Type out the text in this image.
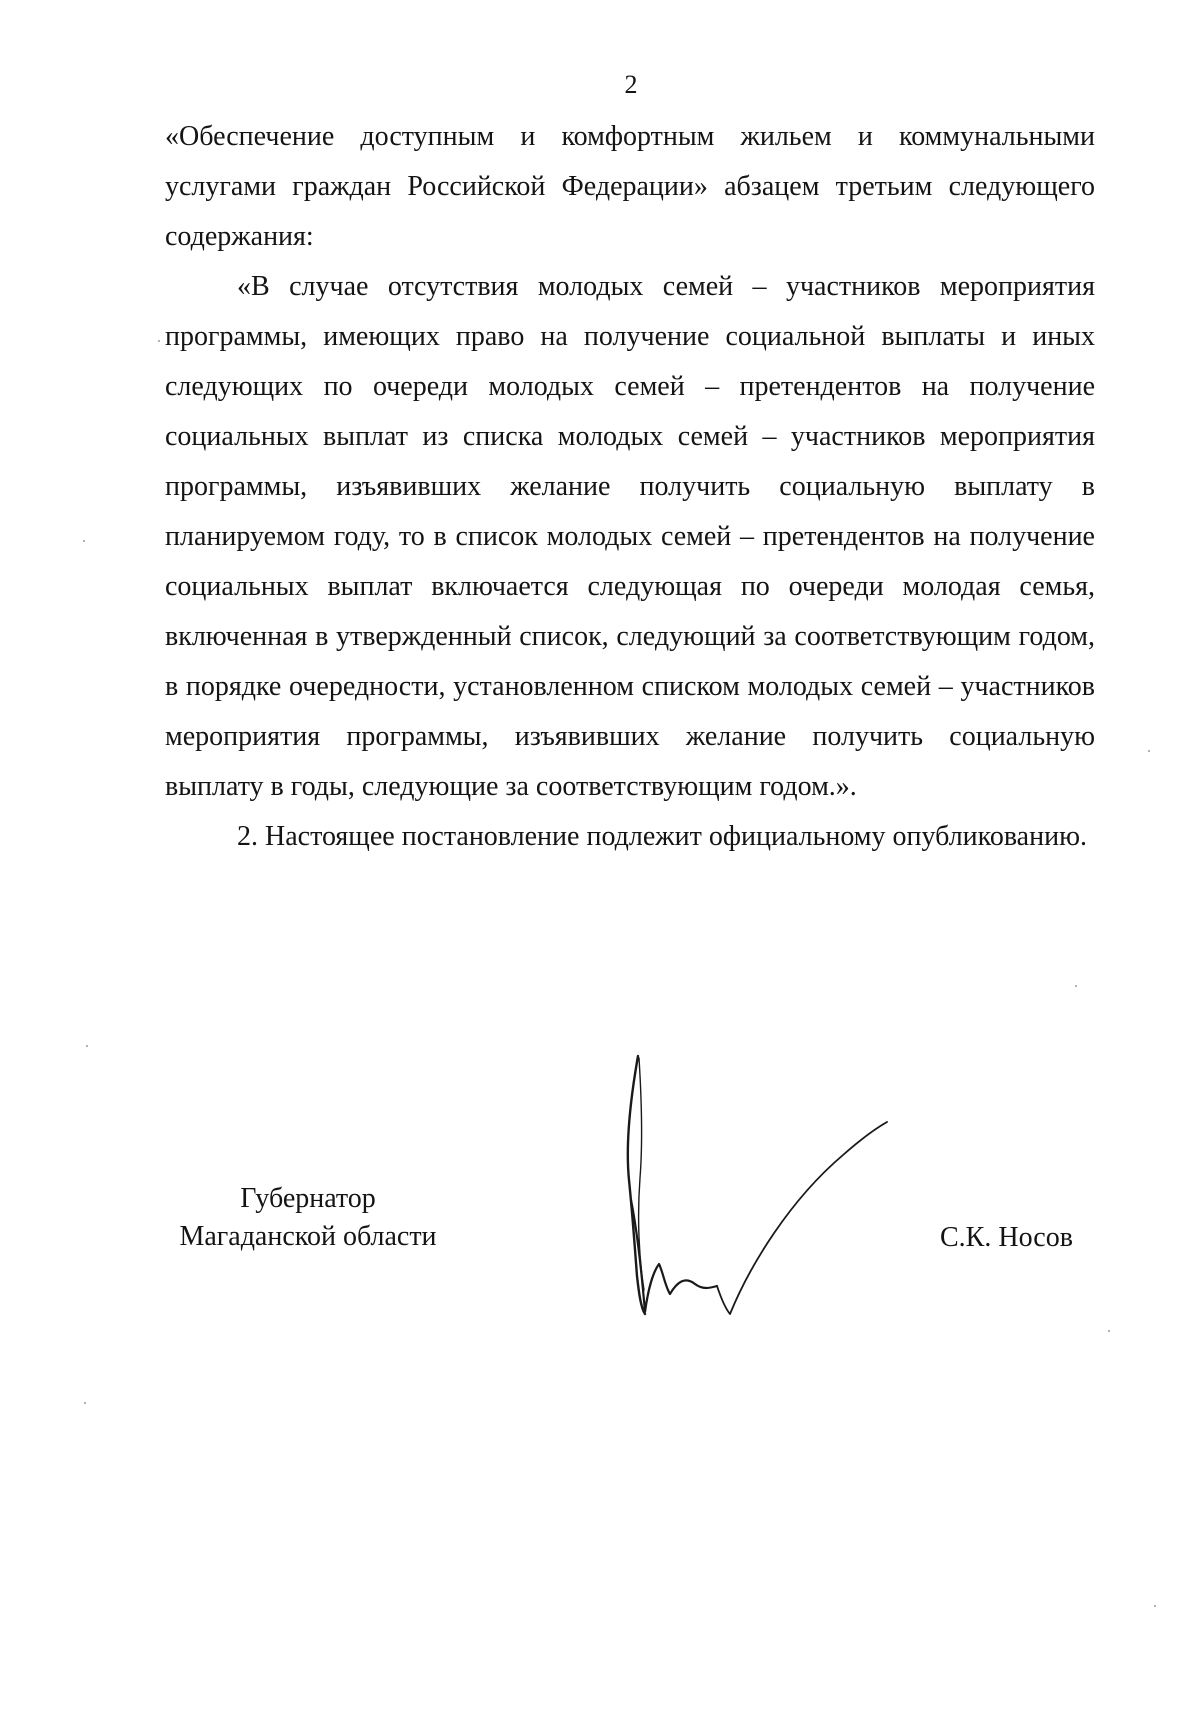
2

«Обеспечение доступным и комфортным жильем и коммунальными услугами граждан Российской Федерации» абзацем третьим следующего содержания:

«В случае отсутствия молодых семей – участников мероприятия программы, имеющих право на получение социальной выплаты и иных следующих по очереди молодых семей – претендентов на получение социальных выплат из списка молодых семей – участников мероприятия программы, изъявивших желание получить социальную выплату в планируемом году, то в список молодых семей – претендентов на получение социальных выплат включается следующая по очереди молодая семья, включенная в утвержденный список, следующий за соответствующим годом, в порядке очередности, установленном списком молодых семей – участников мероприятия программы, изъявивших желание получить социальную выплату в годы, следующие за соответствующим годом.».

2. Настоящее постановление подлежит официальному опубликованию.

Губернатор
Магаданской области	С.К. Носов
